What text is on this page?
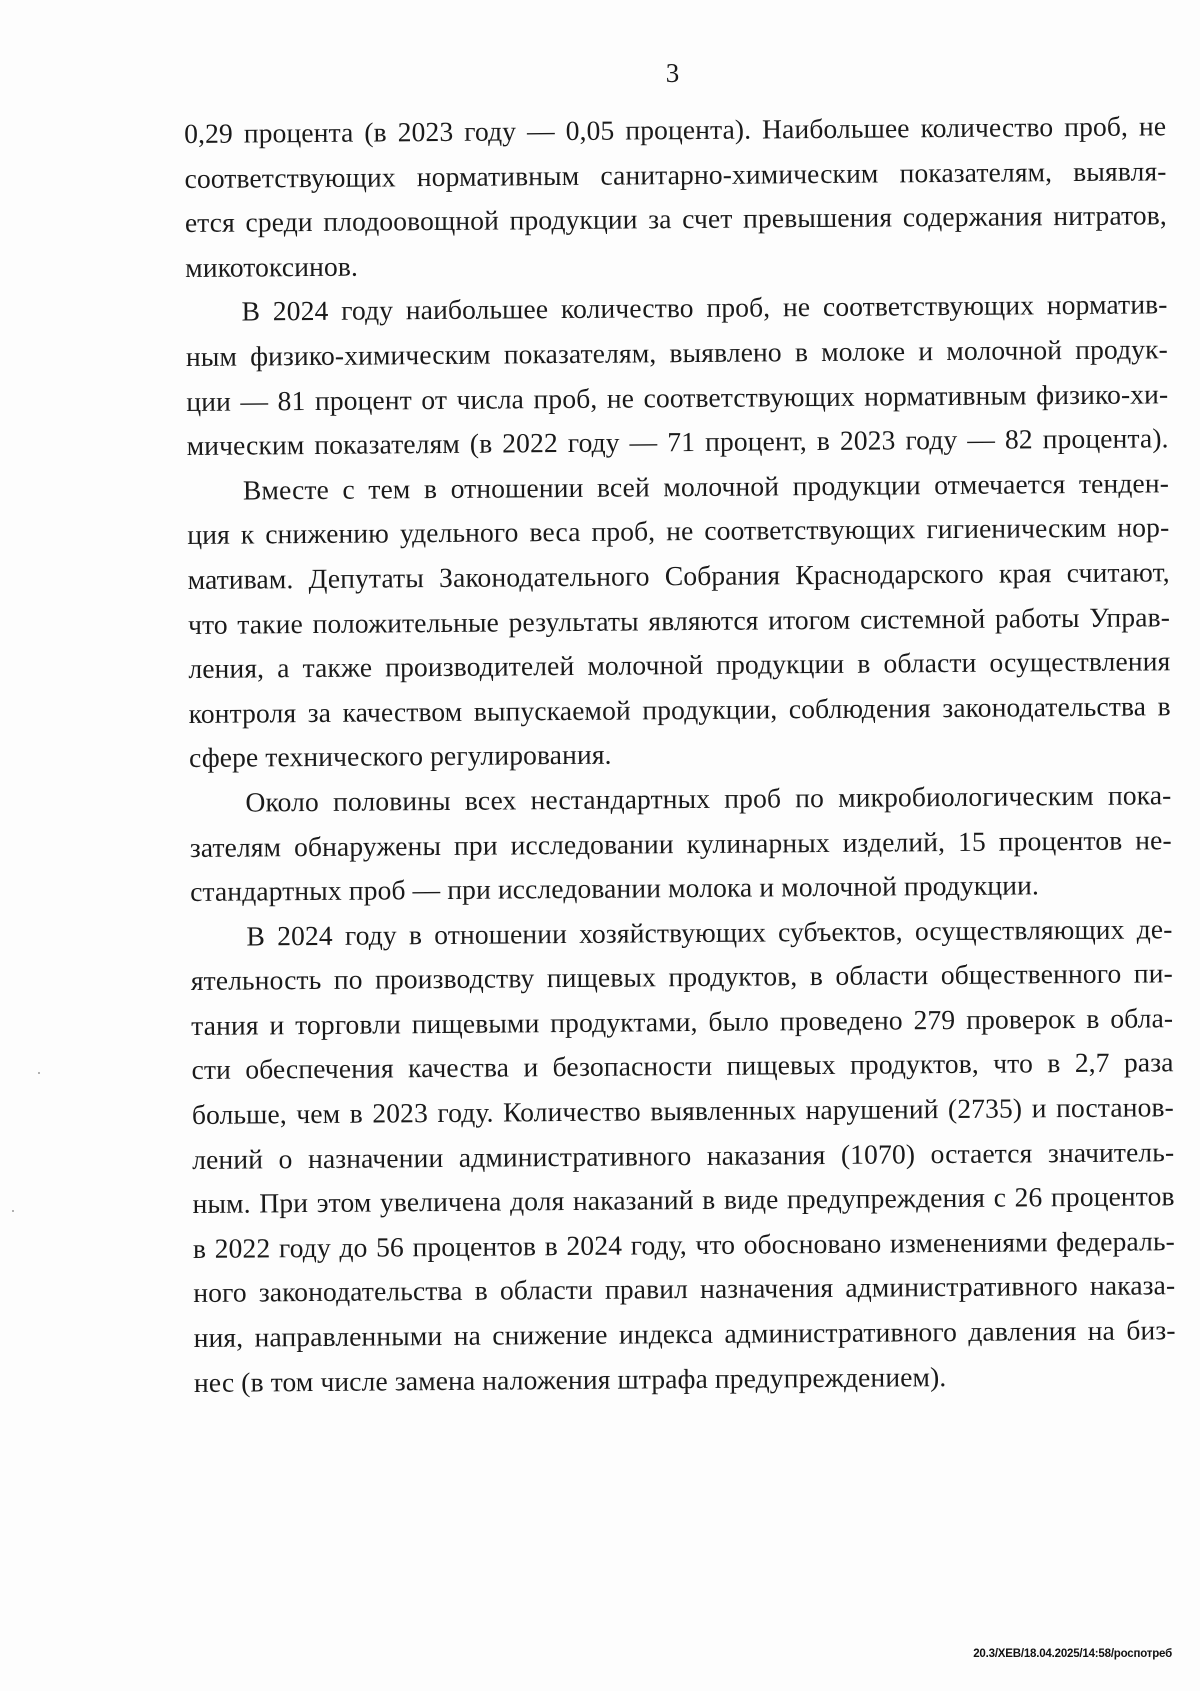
3
0,29 процента (в 2023 году — 0,05 процента). Наибольшее количество проб, не
соответствующих нормативным санитарно-химическим показателям, выявля-
ется среди плодоовощной продукции за счет превышения содержания нитратов,
микотоксинов.
В 2024 году наибольшее количество проб, не соответствующих норматив-
ным физико-химическим показателям, выявлено в молоке и молочной продук-
ции — 81 процент от числа проб, не соответствующих нормативным физико-хи-
мическим показателям (в 2022 году — 71 процент, в 2023 году — 82 процента).
Вместе с тем в отношении всей молочной продукции отмечается тенден-
ция к снижению удельного веса проб, не соответствующих гигиеническим нор-
мативам. Депутаты Законодательного Собрания Краснодарского края считают,
что такие положительные результаты являются итогом системной работы Управ-
ления, а также производителей молочной продукции в области осуществления
контроля за качеством выпускаемой продукции, соблюдения законодательства в
сфере технического регулирования.
Около половины всех нестандартных проб по микробиологическим пока-
зателям обнаружены при исследовании кулинарных изделий, 15 процентов не-
стандартных проб — при исследовании молока и молочной продукции.
В 2024 году в отношении хозяйствующих субъектов, осуществляющих де-
ятельность по производству пищевых продуктов, в области общественного пи-
тания и торговли пищевыми продуктами, было проведено 279 проверок в обла-
сти обеспечения качества и безопасности пищевых продуктов, что в 2,7 раза
больше, чем в 2023 году. Количество выявленных нарушений (2735) и постанов-
лений о назначении административного наказания (1070) остается значитель-
ным. При этом увеличена доля наказаний в виде предупреждения с 26 процентов
в 2022 году до 56 процентов в 2024 году, что обосновано изменениями федераль-
ного законодательства в области правил назначения административного наказа-
ния, направленными на снижение индекса административного давления на биз-
нес (в том числе замена наложения штрафа предупреждением).
20.3/ХЕВ/18.04.2025/14:58/роспотреб
